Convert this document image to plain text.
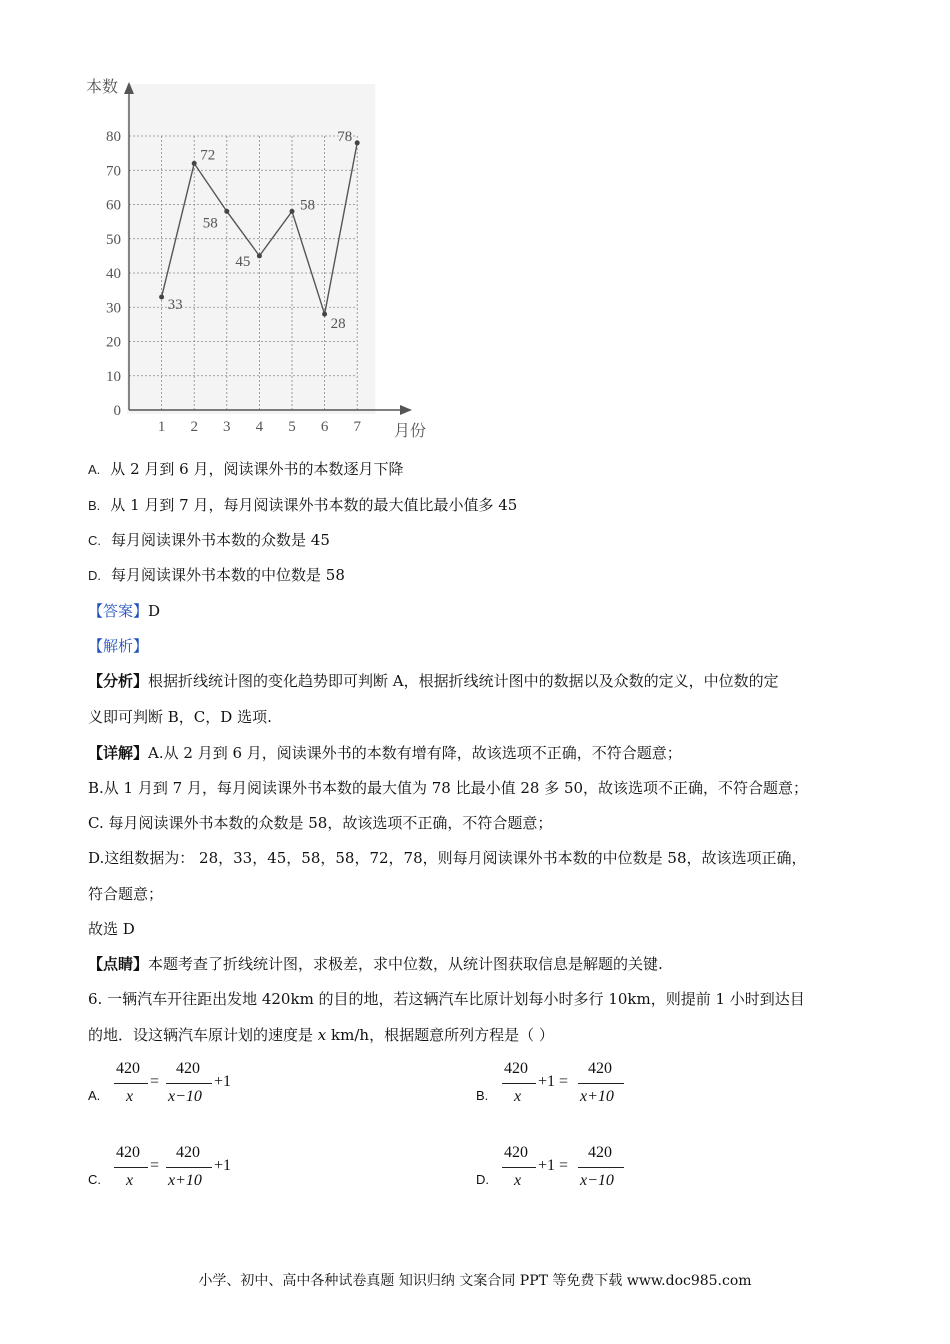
0
10
20
30
40
50
60
70
80
1 2 3 4 5 6 7
33
72
58
45
58
28
78
本数
月份
A. 从 2 月到 6 月，阅读课外书的本数逐月下降
B. 从 1 月到 7 月，每月阅读课外书本数的最大值比最小值多 45
C. 每月阅读课外书本数的众数是 45
D. 每月阅读课外书本数的中位数是 58
【答案】D
【解析】
【分析】根据折线统计图的变化趋势即可判断 A，根据折线统计图中的数据以及众数的定义，中位数的定
义即可判断 B，C，D 选项.
【详解】A.从 2 月到 6 月，阅读课外书的本数有增有降，故该选项不正确，不符合题意；
B.从 1 月到 7 月，每月阅读课外书本数的最大值为 78 比最小值 28 多 50，故该选项不正确，不符合题意；
C. 每月阅读课外书本数的众数是 58，故该选项不正确，不符合题意；
D.这组数据为： 28，33，45，58，58，72，78，则每月阅读课外书本数的中位数是 58，故该选项正确，
符合题意；
故选 D
【点睛】本题考查了折线统计图，求极差，求中位数，从统计图获取信息是解题的关键.
6. 一辆汽车开往距出发地 420km 的目的地，若这辆汽车比原计划每小时多行 10km，则提前 1 小时到达目
的地．设这辆汽车原计划的速度是 x km/h，根据题意所列方程是（ ）
A.
420
x
=
420
x−10
+1
B.
420
x
+1 =
420
x+10
C.
420
x
=
420
x+10
+1
D.
420
x
+1 =
420
x−10
小学、初中、高中各种试卷真题 知识归纳 文案合同 PPT 等免费下载 www.doc985.com
